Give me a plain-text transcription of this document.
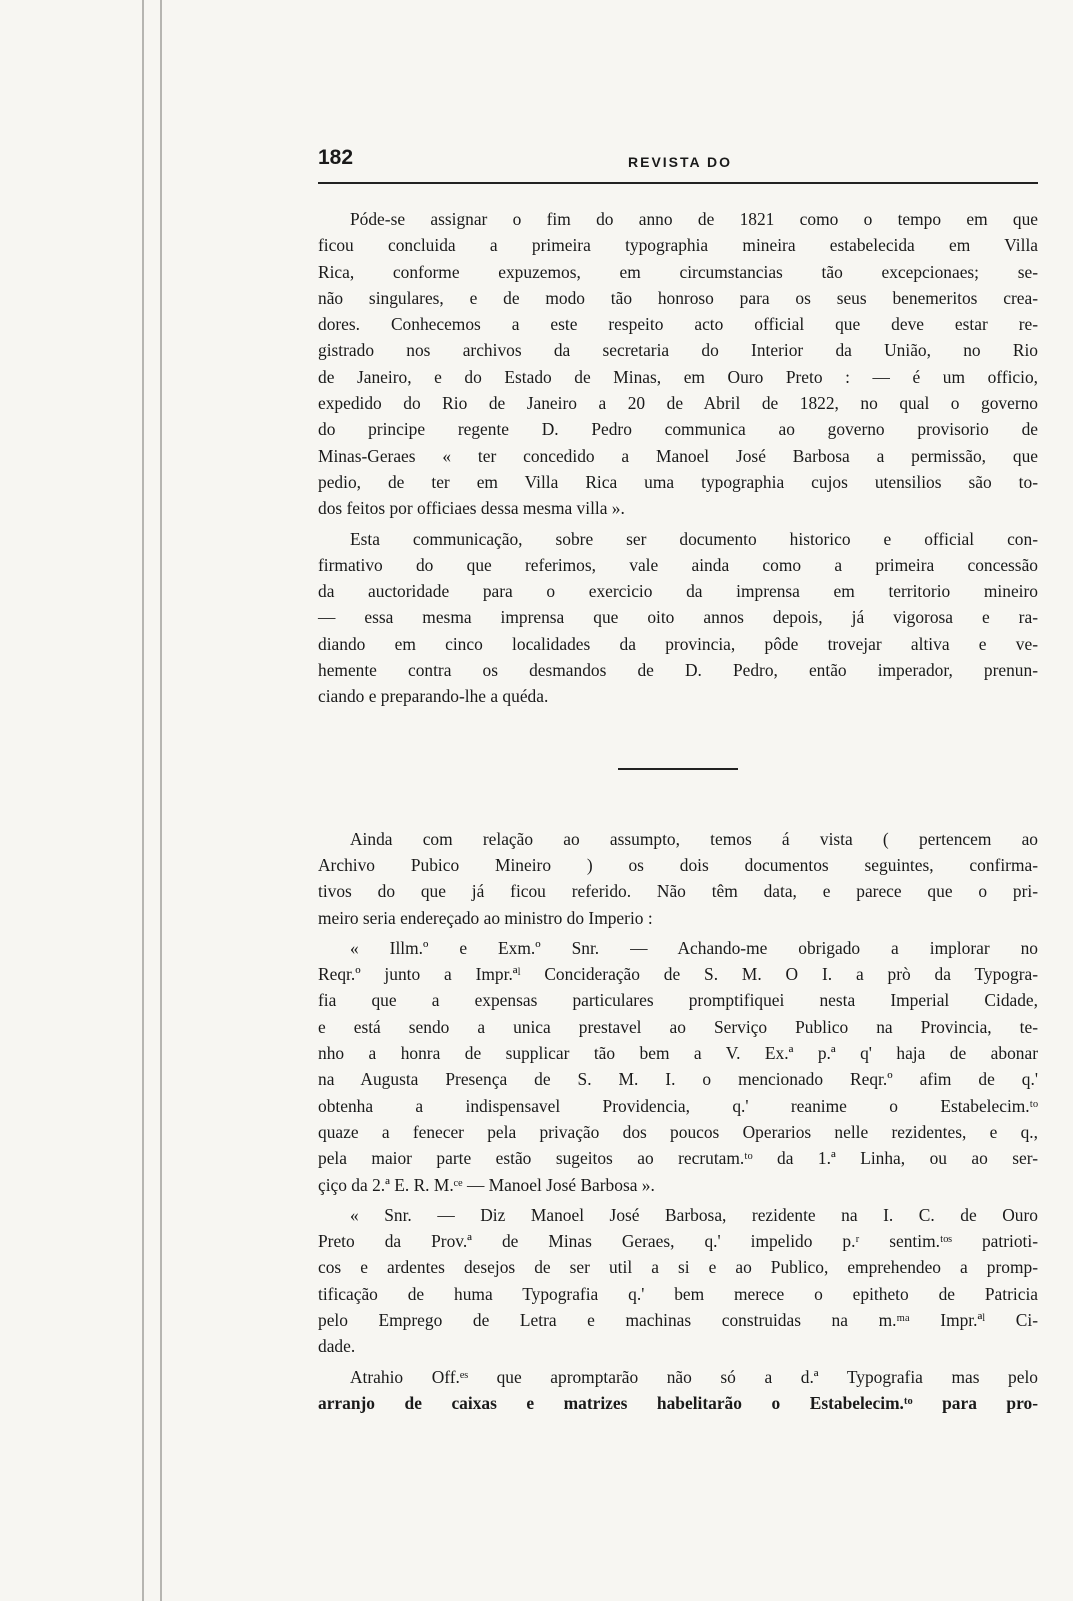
182	REVISTA DO
Póde-se assignar o fim do anno de 1821 como o tempo em que
ficou concluida a primeira typographia mineira estabelecida em Villa
Rica, conforme expuzemos, em circumstancias tão excepcionaes; se-
não singulares, e de modo tão honroso para os seus benemeritos crea-
dores. Conhecemos a este respeito acto official que deve estar re-
gistrado nos archivos da secretaria do Interior da União, no Rio
de Janeiro, e do Estado de Minas, em Ouro Preto : — é um officio,
expedido do Rio de Janeiro a 20 de Abril de 1822, no qual o governo
do principe regente D. Pedro communica ao governo provisorio de
Minas-Geraes « ter concedido a Manoel José Barbosa a permissão, que
pedio, de ter em Villa Rica uma typographia cujos utensilios são to-
dos feitos por officiaes dessa mesma villa ».
Esta communicação, sobre ser documento historico e official con-
firmativo do que referimos, vale ainda como a primeira concessão
da auctoridade para o exercicio da imprensa em territorio mineiro
— essa mesma imprensa que oito annos depois, já vigorosa e ra-
diando em cinco localidades da provincia, pôde trovejar altiva e ve-
hemente contra os desmandos de D. Pedro, então imperador, prenun-
ciando e preparando-lhe a quéda.
Ainda com relação ao assumpto, temos á vista ( pertencem ao
Archivo Pubico Mineiro ) os dois documentos seguintes, confirma-
tivos do que já ficou referido. Não têm data, e parece que o pri-
meiro seria endereçado ao ministro do Imperio :
« Illm.º e Exm.º Snr. — Achando-me obrigado a implorar no
Reqr.º junto a Impr.ªˡ Concideração de S. M. O I. a prò da Typogra-
fia que a expensas particulares promptifiquei nesta Imperial Cidade,
e está sendo a unica prestavel ao Serviço Publico na Provincia, te-
nho a honra de supplicar tão bem a V. Ex.ª p.ª q' haja de abonar
na Augusta Presença de S. M. I. o mencionado Reqr.º afim de q.'
obtenha a indispensavel Providencia, q.' reanime o Estabelecim.ᵗᵒ
quaze a fenecer pela privação dos poucos Operarios nelle rezidentes, e q.,
pela maior parte estão sugeitos ao recrutam.ᵗᵒ da 1.ª Linha, ou ao ser-
çiço da 2.ª E. R. M.ᶜᵉ — Manoel José Barbosa ».
« Snr. — Diz Manoel José Barbosa, rezidente na I. C. de Ouro
Preto da Prov.ª de Minas Geraes, q.' impelido p.ʳ sentim.ᵗᵒˢ patrioti-
cos e ardentes desejos de ser util a si e ao Publico, emprehendeo a promp-
tificação de huma Typografia q.' bem merece o epitheto de Patricia
pelo Emprego de Letra e machinas construidas na m.ᵐᵃ Impr.ªˡ Ci-
dade.
Atrahio Off.ᵉˢ que apromptarão não só a d.ª Typografia mas pelo
arranjo de caixas e matrizes habelitarão o Estabelecim.ᵗᵒ para pro-
